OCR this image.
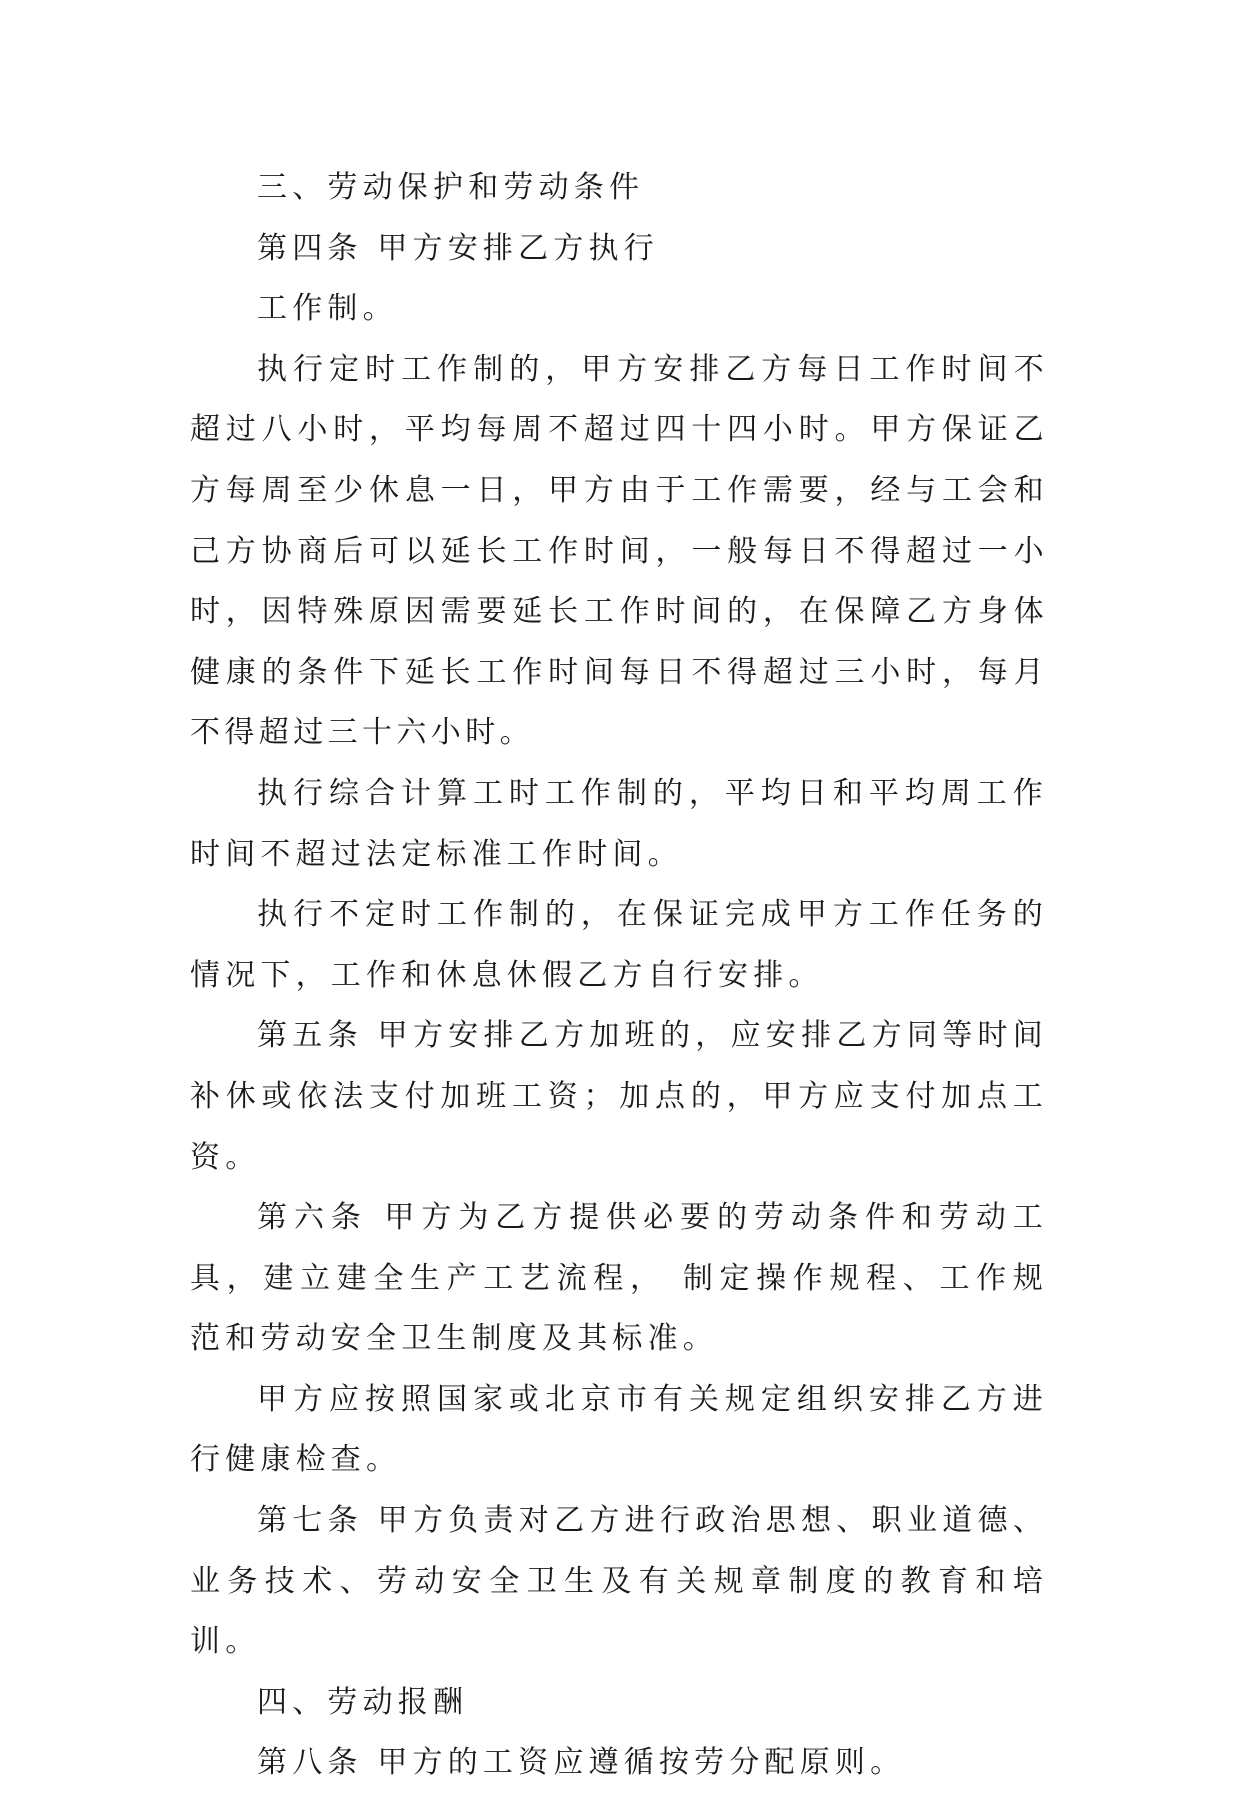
三、劳动保护和劳动条件

第四条 甲方安排乙方执行

工作制。

执行定时工作制的，甲方安排乙方每日工作时间不超过八小时，平均每周不超过四十四小时。甲方保证乙方每周至少休息一日，甲方由于工作需要，经与工会和己方协商后可以延长工作时间，一般每日不得超过一小时，因特殊原因需要延长工作时间的，在保障乙方身体健康的条件下延长工作时间每日不得超过三小时，每月不得超过三十六小时。

执行综合计算工时工作制的，平均日和平均周工作时间不超过法定标准工作时间。

执行不定时工作制的，在保证完成甲方工作任务的情况下，工作和休息休假乙方自行安排。

第五条 甲方安排乙方加班的，应安排乙方同等时间补休或依法支付加班工资；加点的，甲方应支付加点工资。

第六条 甲方为乙方提供必要的劳动条件和劳动工具，建立建全生产工艺流程， 制定操作规程、工作规范和劳动安全卫生制度及其标准。

甲方应按照国家或北京市有关规定组织安排乙方进行健康检查。

第七条 甲方负责对乙方进行政治思想、职业道德、业务技术、劳动安全卫生及有关规章制度的教育和培训。

四、劳动报酬

第八条 甲方的工资应遵循按劳分配原则。
